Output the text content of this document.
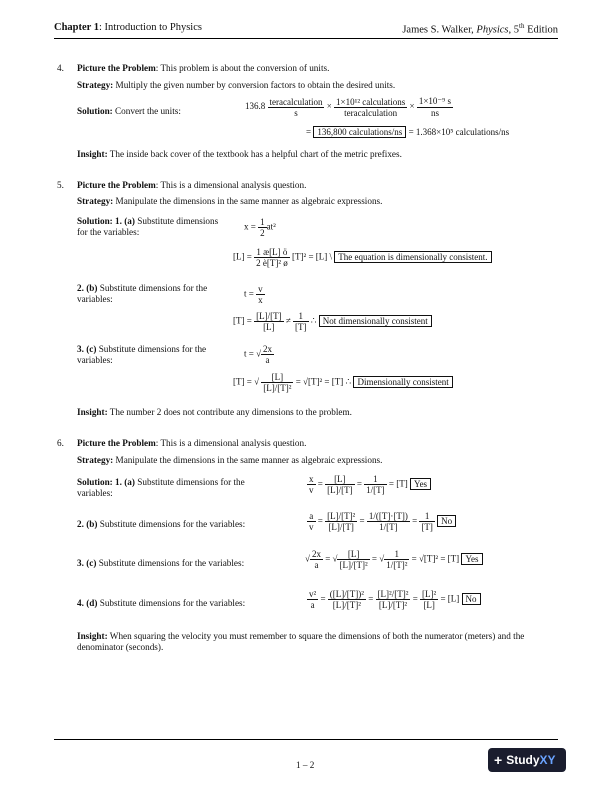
Chapter 1: Introduction to Physics	James S. Walker, Physics, 5th Edition
4. Picture the Problem: This problem is about the conversion of units.
Strategy: Multiply the given number by conversion factors to obtain the desired units.
Solution: Convert the units:	$136.8 \frac{\text{teracalculation}}{s} \times \frac{\text{1×10¹² calculations}}{\text{teracalculation}} \times \frac{\text{1×10⁻⁹ s}}{ns}$
= 136,800 calculations/ns = 1.368×10⁵ calculations/ns
Insight: The inside back cover of the textbook has a helpful chart of the metric prefixes.
5. Picture the Problem: This is a dimensional analysis question.
Strategy: Manipulate the dimensions in the same manner as algebraic expressions.
Solution: 1. (a) Substitute dimensions for the variables:
$x = \frac{1}{2} at^2$
$[L] = \frac{1 æ[L] ö}{\text{2 è[T]² ø}} [T]^2 = [L]$ \ The equation is dimensionally consistent.
2. (b) Substitute dimensions for the variables:
$t = \frac{v}{x}$
$[T] = \frac{[L]/[T]}{[L]} \ne \frac{1}{[T]}$ ∴ Not dimensionally consistent
3. (c) Substitute dimensions for the variables:
t = √ $\frac{2x}{a}$
[T] = √ $\frac{[L]}{\text{[L]/[T]²}} = √[T]^2 = [T]$ ∴ Dimensionally consistent
Insight: The number 2 does not contribute any dimensions to the problem.
6. Picture the Problem: This is a dimensional analysis question.
Strategy: Manipulate the dimensions in the same manner as algebraic expressions.
Solution: 1. (a) Substitute dimensions for the variables:	$\frac{x}{v} = \frac{[L]}{[L]/[T]} = \frac{1}{1/[T]} = [T]$ Yes
2. (b) Substitute dimensions for the variables:	$\frac{a}{v} = \frac{\text{[L]/[T]²}}{[L]/[T]} = \frac{1/([T]\cdot[T])}{1/[T]} = \frac{1}{[T]}$ No
3. (c) Substitute dimensions for the variables:	√ $\frac{2x}{a}$ = √ $\frac{[L]}{\text{[L]/[T]²}}$ = √ $\frac{1}{\text{1/[T]²}} = √[T]^2 = [T]$ Yes
4. (d) Substitute dimensions for the variables:	$\frac{\text{v²}}{a} = \frac{\text{([L]/[T])²}}{\text{[L]/[T]²}} = \frac{\text{[L]²/[T]²}}{\text{[L]/[T]²}} = \frac{\text{[L]²}}{[L]} = [L]$ No
Insight: When squaring the velocity you must remember to square the dimensions of both the numerator (meters) and the denominator (seconds).
1 – 2	+ Study XY
